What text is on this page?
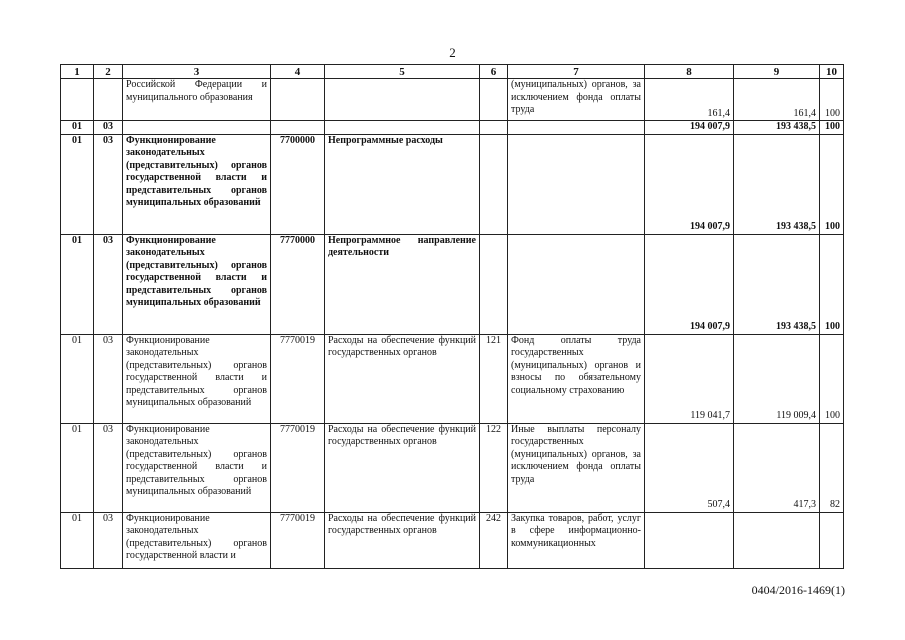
2
1	2	3	4	5	6	7	8	9	10
		Российской Федерации и муниципального образования				(муниципальных) органов, за исключением фонда оплаты труда	161,4	161,4	100
01	03						194 007,9	193 438,5	100
01	03	Функционирование законодательных (представительных) органов государственной власти и представительных органов муниципальных образований	7700000	Непрограммные расходы			194 007,9	193 438,5	100
01	03	Функционирование законодательных (представительных) органов государственной власти и представительных органов муниципальных образований	7770000	Непрограммное направление деятельности			194 007,9	193 438,5	100
01	03	Функционирование законодательных (представительных) органов государственной власти и представительных органов муниципальных образований	7770019	Расходы на обеспечение функций государственных органов	121	Фонд оплаты труда государственных (муниципальных) органов и взносы по обязательному социальному страхованию	119 041,7	119 009,4	100
01	03	Функционирование законодательных (представительных) органов государственной власти и представительных органов муниципальных образований	7770019	Расходы на обеспечение функций государственных органов	122	Иные выплаты персоналу государственных (муниципальных) органов, за исключением фонда оплаты труда	507,4	417,3	82
01	03	Функционирование законодательных (представительных) органов государственной власти и	7770019	Расходы на обеспечение функций государственных органов	242	Закупка товаров, работ, услуг в сфере информационно-коммуникационных			
0404/2016-1469(1)
